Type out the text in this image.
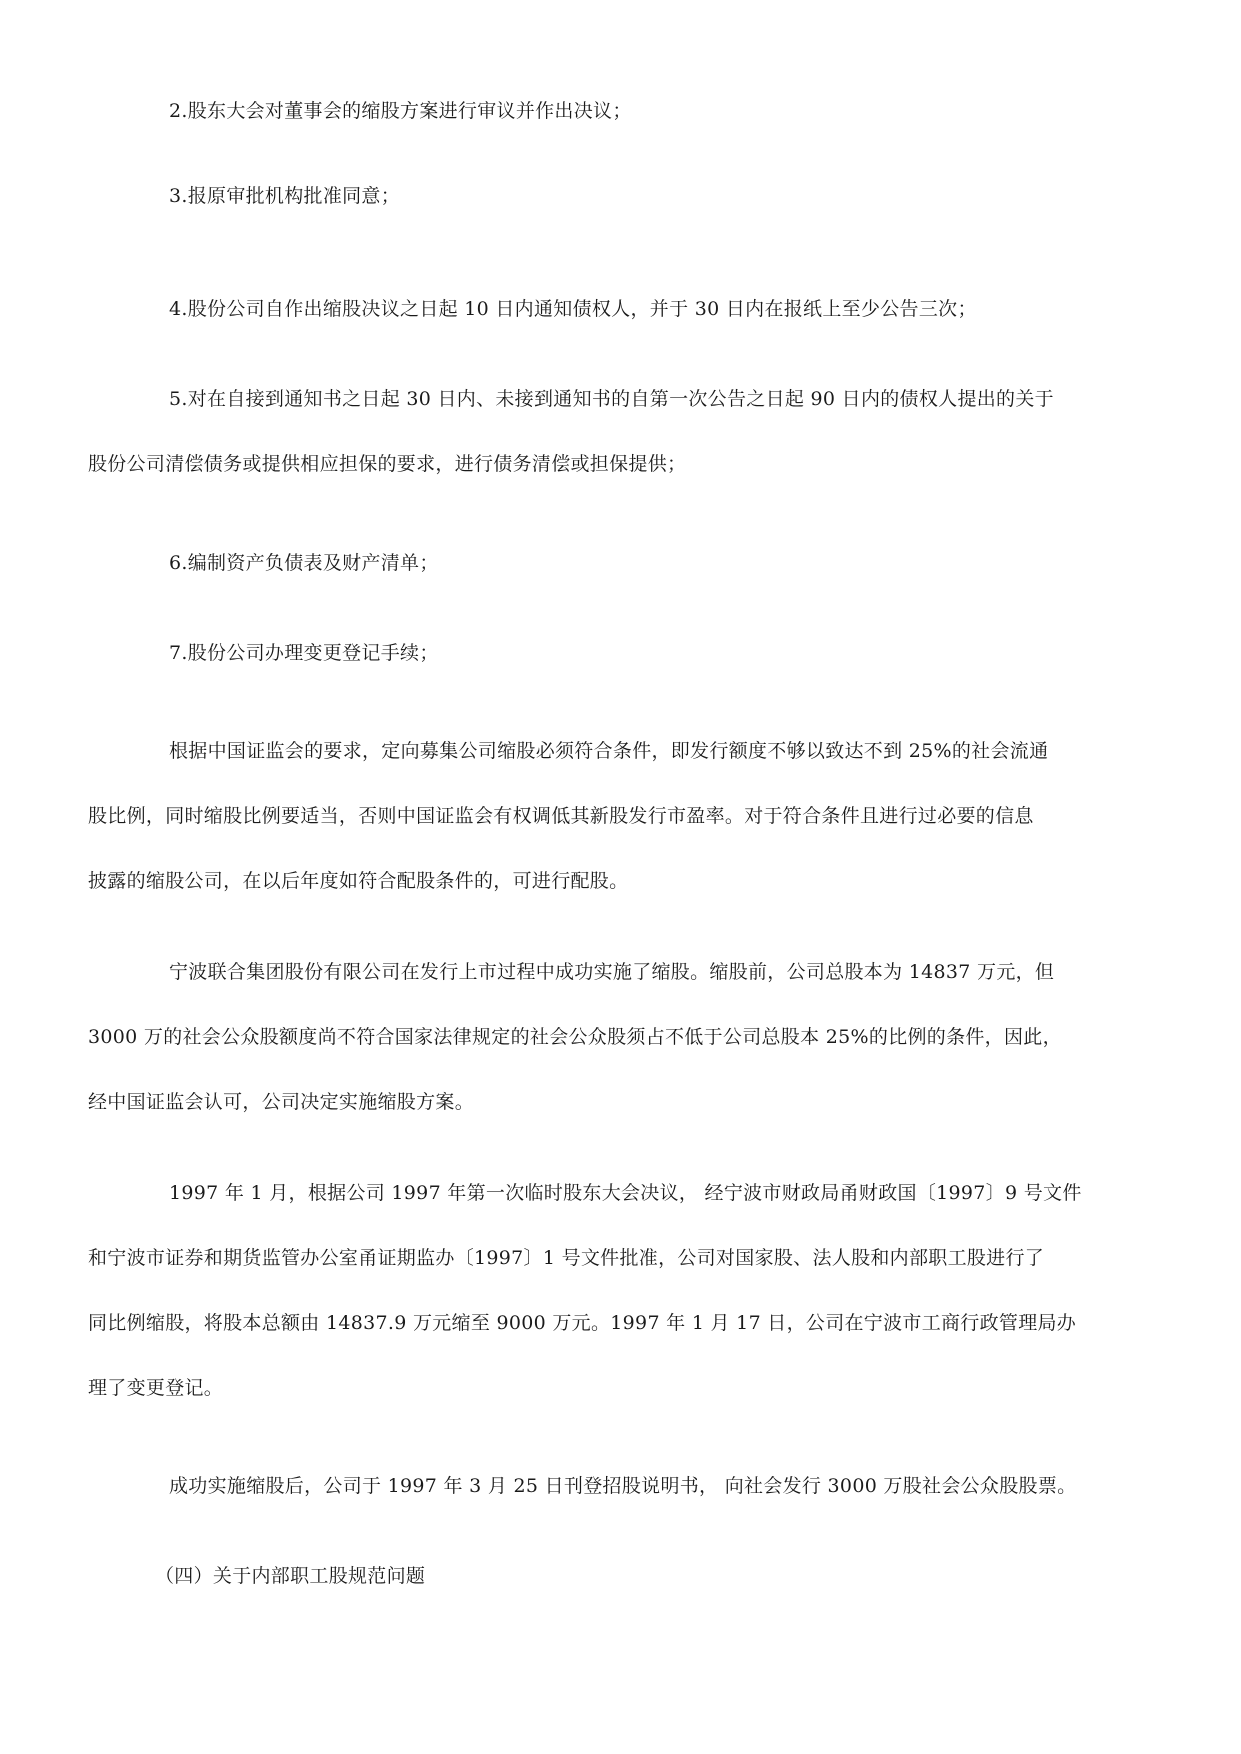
2.股东大会对董事会的缩股方案进行审议并作出决议；
3.报原审批机构批准同意；
4.股份公司自作出缩股决议之日起 10 日内通知债权人，并于 30 日内在报纸上至少公告三次；
5.对在自接到通知书之日起 30 日内、未接到通知书的自第一次公告之日起 90 日内的债权人提出的关于
股份公司清偿债务或提供相应担保的要求，进行债务清偿或担保提供；
6.编制资产负债表及财产清单；
7.股份公司办理变更登记手续；
根据中国证监会的要求，定向募集公司缩股必须符合条件，即发行额度不够以致达不到 25%的社会流通
股比例，同时缩股比例要适当，否则中国证监会有权调低其新股发行市盈率。对于符合条件且进行过必要的信息
披露的缩股公司，在以后年度如符合配股条件的，可进行配股。
宁波联合集团股份有限公司在发行上市过程中成功实施了缩股。缩股前，公司总股本为 14837 万元，但
3000 万的社会公众股额度尚不符合国家法律规定的社会公众股须占不低于公司总股本 25%的比例的条件，因此，
经中国证监会认可，公司决定实施缩股方案。
1997 年 1 月，根据公司 1997 年第一次临时股东大会决议， 经宁波市财政局甬财政国〔1997〕9 号文件
和宁波市证券和期货监管办公室甬证期监办〔1997〕1 号文件批准，公司对国家股、法人股和内部职工股进行了
同比例缩股，将股本总额由 14837.9 万元缩至 9000 万元。1997 年 1 月 17 日，公司在宁波市工商行政管理局办
理了变更登记。
成功实施缩股后，公司于 1997 年 3 月 25 日刊登招股说明书， 向社会发行 3000 万股社会公众股股票。
（四）关于内部职工股规范问题
